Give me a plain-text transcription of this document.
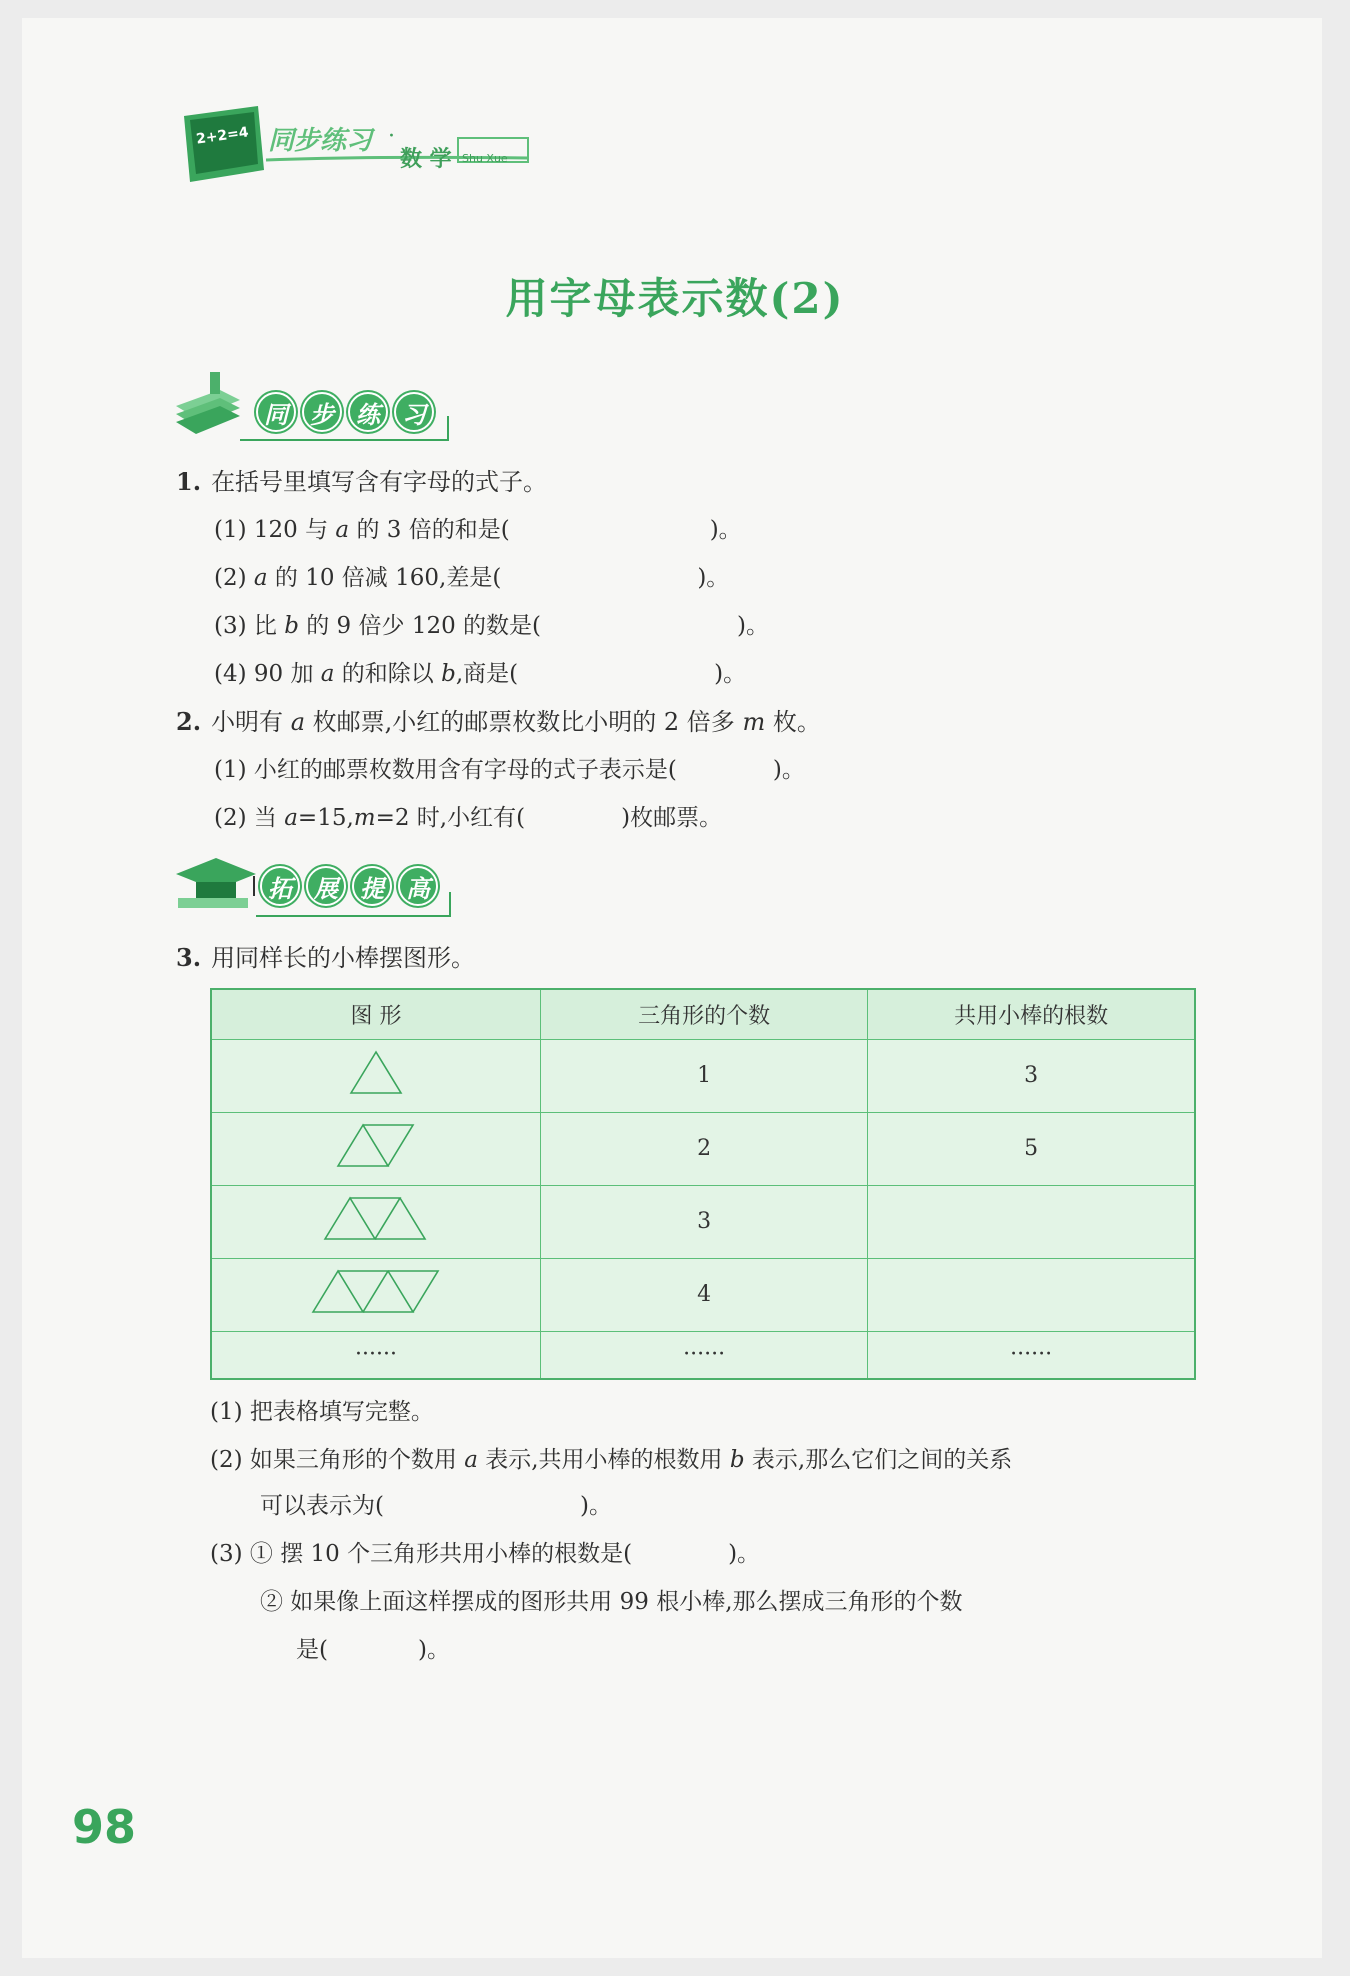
2+2=4 同步练习 ·
数 学 Shu Xue
用字母表示数(2)
同 步 练 习
1. 在括号里填写含有字母的式子。
(1) 120 与 a 的 3 倍的和是(	)。
(2) a 的 10 倍减 160,差是(	)。
(3) 比 b 的 9 倍少 120 的数是(	)。
(4) 90 加 a 的和除以 b,商是(	)。
2. 小明有 a 枚邮票,小红的邮票枚数比小明的 2 倍多 m 枚。
(1) 小红的邮票枚数用含有字母的式子表示是(	)。
(2) 当 a=15,m=2 时,小红有(	)枚邮票。
拓 展 提 高
3. 用同样长的小棒摆图形。
图 形	三角形的个数	共用小棒的根数
	1	3
	2	5
	3	
	4	
······	······	······
(1) 把表格填写完整。
(2) 如果三角形的个数用 a 表示,共用小棒的根数用 b 表示,那么它们之间的关系
可以表示为(	)。
(3) ① 摆 10 个三角形共用小棒的根数是(	)。
② 如果像上面这样摆成的图形共用 99 根小棒,那么摆成三角形的个数
是(	)。
98
